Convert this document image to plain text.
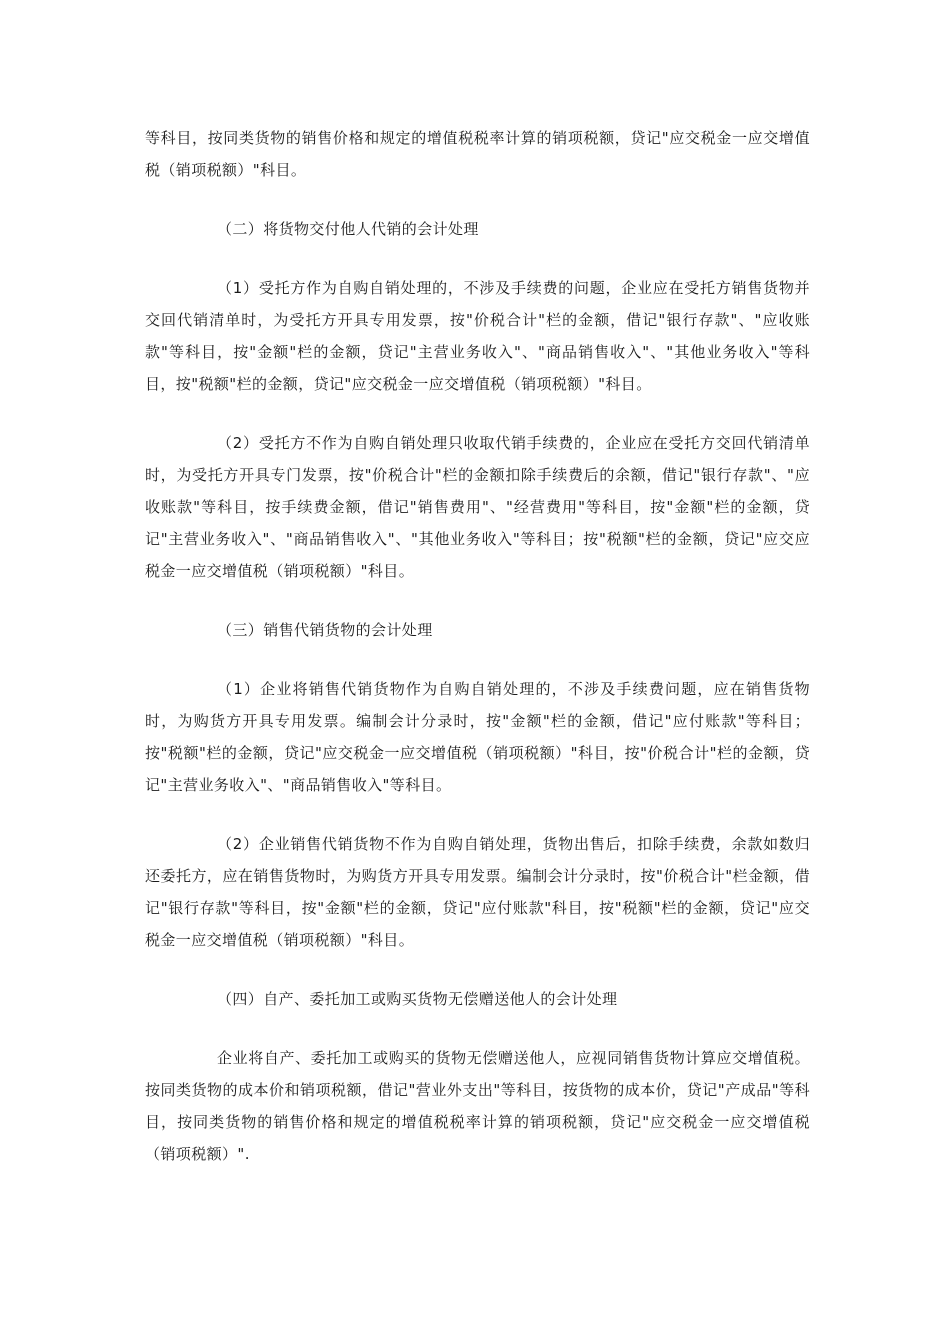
等科目，按同类货物的销售价格和规定的增值税税率计算的销项税额，贷记"应交税金一应交增值税（销项税额）"科目。

（二）将货物交付他人代销的会计处理

（1）受托方作为自购自销处理的，不涉及手续费的问题，企业应在受托方销售货物并交回代销清单时，为受托方开具专用发票，按"价税合计"栏的金额，借记"银行存款"、"应收账款"等科目，按"金额"栏的金额，贷记"主营业务收入"、"商品销售收入"、"其他业务收入"等科目，按"税额"栏的金额，贷记"应交税金一应交增值税（销项税额）"科目。

（2）受托方不作为自购自销处理只收取代销手续费的，企业应在受托方交回代销清单时，为受托方开具专门发票，按"价税合计"栏的金额扣除手续费后的余额，借记"银行存款"、"应收账款"等科目，按手续费金额，借记"销售费用"、"经营费用"等科目，按"金额"栏的金额，贷记"主营业务收入"、"商品销售收入"、"其他业务收入"等科目；按"税额"栏的金额，贷记"应交应税金一应交增值税（销项税额）"科目。

（三）销售代销货物的会计处理

（1）企业将销售代销货物作为自购自销处理的，不涉及手续费问题，应在销售货物时，为购货方开具专用发票。编制会计分录时，按"金额"栏的金额，借记"应付账款"等科目；按"税额"栏的金额，贷记"应交税金一应交增值税（销项税额）"科目，按"价税合计"栏的金额，贷记"主营业务收入"、"商品销售收入"等科目。

（2）企业销售代销货物不作为自购自销处理，货物出售后，扣除手续费，余款如数归还委托方，应在销售货物时，为购货方开具专用发票。编制会计分录时，按"价税合计"栏金额，借记"银行存款"等科目，按"金额"栏的金额，贷记"应付账款"科目，按"税额"栏的金额，贷记"应交税金一应交增值税（销项税额）"科目。

（四）自产、委托加工或购买货物无偿赠送他人的会计处理

企业将自产、委托加工或购买的货物无偿赠送他人，应视同销售货物计算应交增值税。按同类货物的成本价和销项税额，借记"营业外支出"等科目，按货物的成本价，贷记"产成品"等科目，按同类货物的销售价格和规定的增值税税率计算的销项税额，贷记"应交税金一应交增值税（销项税额）".
